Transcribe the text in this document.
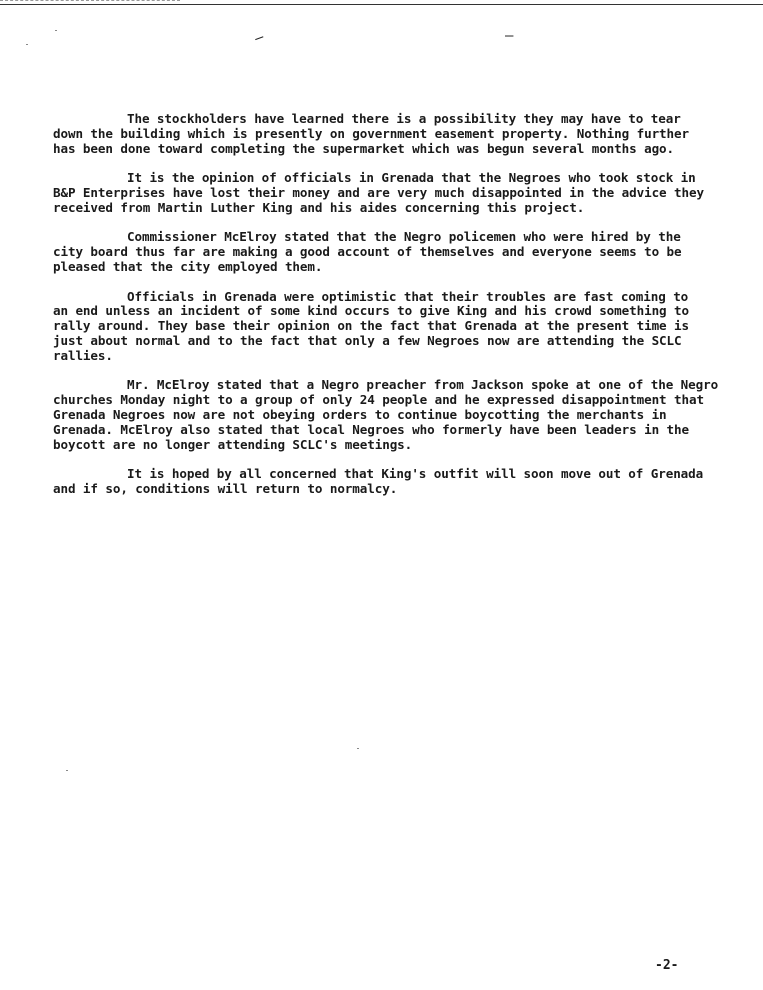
—	–
The stockholders have learned there is a possibility they may have to tear
down the building which is presently on government easement property. Nothing further
has been done toward completing the supermarket which was begun several months ago.
It is the opinion of officials in Grenada that the Negroes who took stock in
B&P Enterprises have lost their money and are very much disappointed in the advice they
received from Martin Luther King and his aides concerning this project.
Commissioner McElroy stated that the Negro policemen who were hired by the
city board thus far are making a good account of themselves and everyone seems to be
pleased that the city employed them.
Officials in Grenada were optimistic that their troubles are fast coming to
an end unless an incident of some kind occurs to give King and his crowd something to
rally around. They base their opinion on the fact that Grenada at the present time is
just about normal and to the fact that only a few Negroes now are attending the SCLC
rallies.
Mr. McElroy stated that a Negro preacher from Jackson spoke at one of the Negro
churches Monday night to a group of only 24 people and he expressed disappointment that
Grenada Negroes now are not obeying orders to continue boycotting the merchants in
Grenada. McElroy also stated that local Negroes who formerly have been leaders in the
boycott are no longer attending SCLC's meetings.
It is hoped by all concerned that King's outfit will soon move out of Grenada
and if so, conditions will return to normalcy.
-2-
